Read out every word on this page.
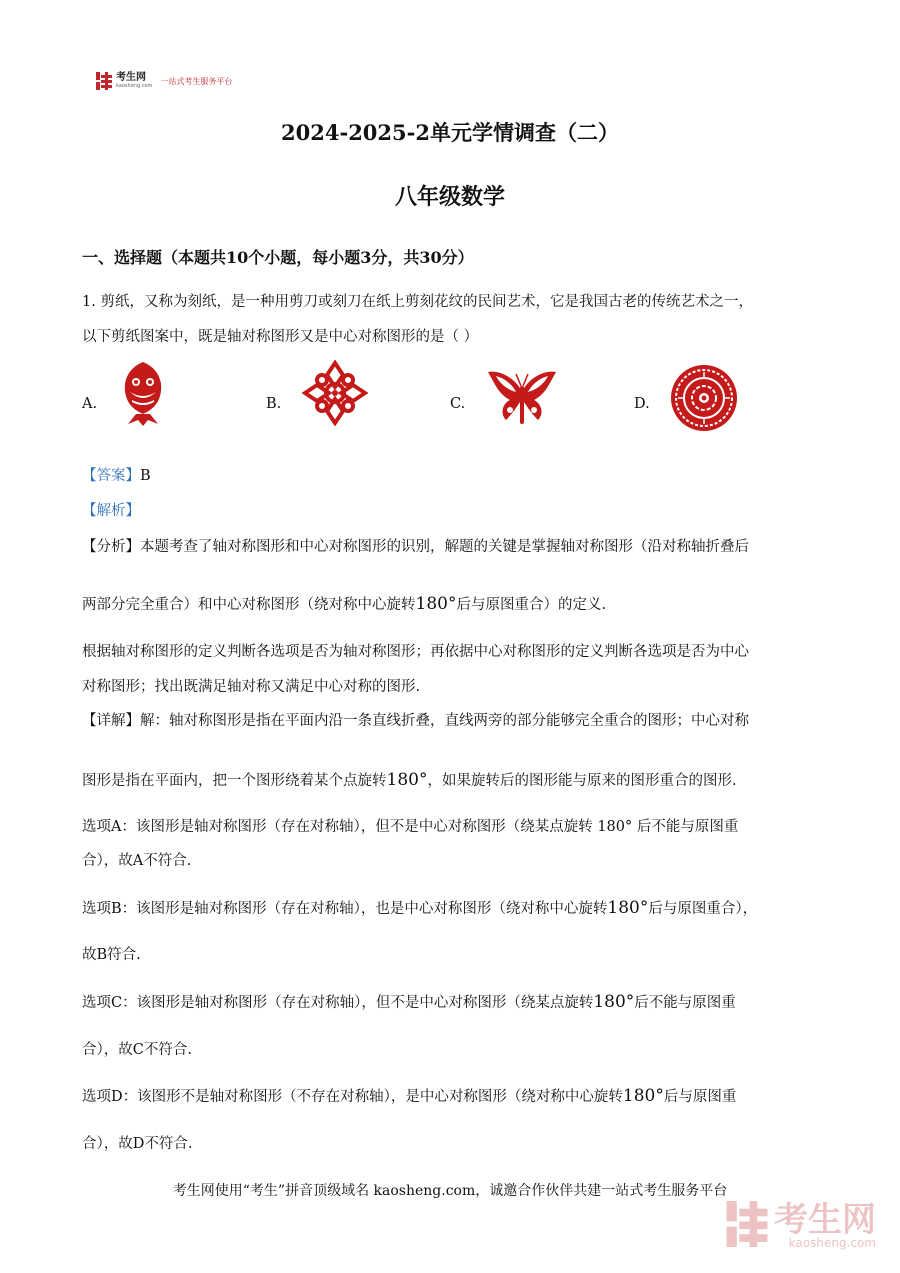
考生网
kaosheng.com
一站式考生服务平台
2024-2025-2单元学情调查（二）
八年级数学
一、选择题（本题共10个小题，每小题3分，共30分）
1. 剪纸，又称为刻纸，是一种用剪刀或刻刀在纸上剪刻花纹的民间艺术，它是我国古老的传统艺术之一，
以下剪纸图案中，既是轴对称图形又是中心对称图形的是（ ）
A.	B.	C.	D.
【答案】B
【解析】
【分析】本题考查了轴对称图形和中心对称图形的识别，解题的关键是掌握轴对称图形（沿对称轴折叠后
两部分完全重合）和中心对称图形（绕对称中心旋转180°后与原图重合）的定义.
根据轴对称图形的定义判断各选项是否为轴对称图形；再依据中心对称图形的定义判断各选项是否为中心
对称图形；找出既满足轴对称又满足中心对称的图形.
【详解】解：轴对称图形是指在平面内沿一条直线折叠，直线两旁的部分能够完全重合的图形；中心对称
图形是指在平面内，把一个图形绕着某个点旋转180°，如果旋转后的图形能与原来的图形重合的图形.
选项A：该图形是轴对称图形（存在对称轴），但不是中心对称图形（绕某点旋转 180° 后不能与原图重
合），故A不符合.
选项B：该图形是轴对称图形（存在对称轴），也是中心对称图形（绕对称中心旋转180°后与原图重合），
故B符合.
选项C：该图形是轴对称图形（存在对称轴），但不是中心对称图形（绕某点旋转180°后不能与原图重
合），故C不符合.
选项D：该图形不是轴对称图形（不存在对称轴），是中心对称图形（绕对称中心旋转180°后与原图重
合），故D不符合.
考生网使用“考生”拼音顶级域名 kaosheng.com，诚邀合作伙伴共建一站式考生服务平台
考生网
kaosheng.com
